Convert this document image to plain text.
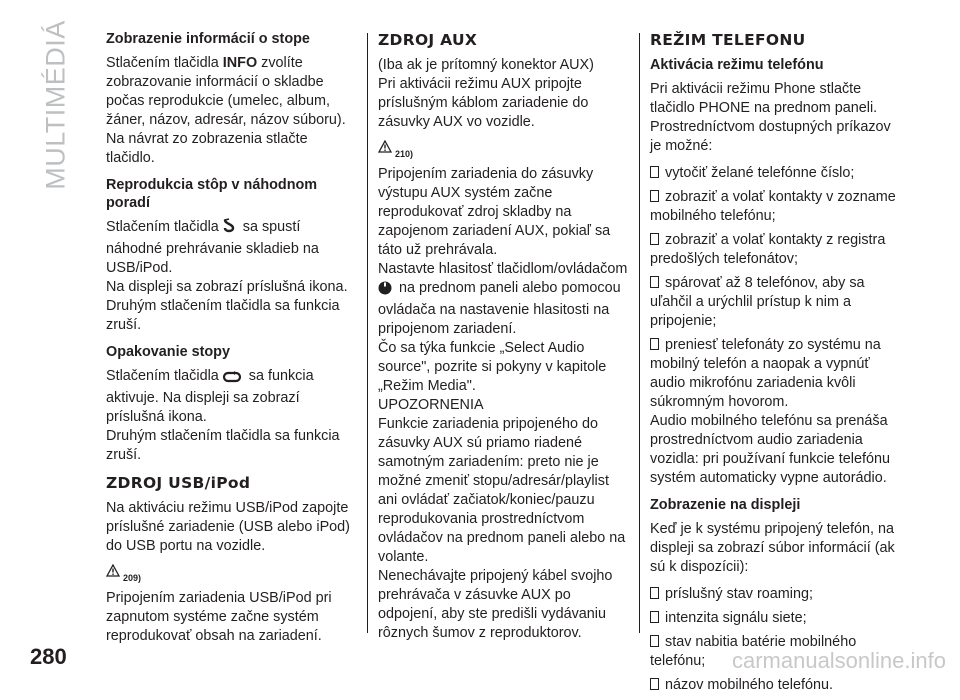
MULTIMÉDIÁ Zobrazenie informácií o stope

Stlačením tlačidla INFO zvolíte zobrazovanie informácií o skladbe počas reprodukcie (umelec, album, žáner, názov, adresár, názov súboru).
Na návrat zo zobrazenia stlačte tlačidlo.

Reprodukcia stôp v náhodnom poradí

Stlačením tlačidla sa spustí náhodné prehrávanie skladieb na USB/iPod.
Na displeji sa zobrazí príslušná ikona.
Druhým stlačením tlačidla sa funkcia zruší.

Opakovanie stopy

Stlačením tlačidla sa funkcia aktivuje. Na displeji sa zobrazí príslušná ikona.
Druhým stlačením tlačidla sa funkcia zruší.

ZDROJ USB/iPod

Na aktiváciu režimu USB/iPod zapojte príslušné zariadenie (USB alebo iPod) do USB portu na vozidle.

209)

Pripojením zariadenia USB/iPod pri zapnutom systéme začne systém reprodukovať obsah na zariadení.

ZDROJ AUX

(Iba ak je prítomný konektor AUX)

Pri aktivácii režimu AUX pripojte príslušným káblom zariadenie do zásuvky AUX vo vozidle.

210)

Pripojením zariadenia do zásuvky výstupu AUX systém začne reprodukovať zdroj skladby na zapojenom zariadení AUX, pokiaľ sa táto už prehrávala.

Nastavte hlasitosť tlačidlom/ovládačom
na prednom paneli alebo pomocou ovládača na nastavenie hlasitosti na pripojenom zariadení.

Čo sa týka funkcie „Select Audio source", pozrite si pokyny v kapitole „Režim Media".

UPOZORNENIA

Funkcie zariadenia pripojeného do zásuvky AUX sú priamo riadené samotným zariadením: preto nie je možné zmeniť stopu/adresár/playlist ani ovládať začiatok/koniec/pauzu reprodukovania prostredníctvom ovládačov na prednom paneli alebo na volante.

Nenechávajte pripojený kábel svojho prehrávača v zásuvke AUX po odpojení, aby ste predišli vydávaniu rôznych šumov z reproduktorov.

REŽIM TELEFONU
Aktivácia režimu telefónu

Pri aktivácii režimu Phone stlačte tlačidlo PHONE na prednom paneli. Prostredníctvom dostupných príkazov je možné:

vytočiť želané telefónne číslo;
zobraziť a volať kontakty v zozname mobilného telefónu;
zobraziť a volať kontakty z registra predošlých telefonátov;
spárovať až 8 telefónov, aby sa uľahčil a urýchlil prístup k nim a pripojenie;
preniesť telefonáty zo systému na mobilný telefón a naopak a vypnúť audio mikrofónu zariadenia kvôli súkromným hovorom.

Audio mobilného telefónu sa prenáša prostredníctvom audio zariadenia vozidla: pri používaní funkcie telefónu systém automaticky vypne autorádio.

Zobrazenie na displeji

Keď je k systému pripojený telefón, na displeji sa zobrazí súbor informácií (ak sú k dispozícii):

príslušný stav roaming;
intenzita signálu siete;
stav nabitia batérie mobilného telefónu;
názov mobilného telefónu.
280	carmanualsonline.info
